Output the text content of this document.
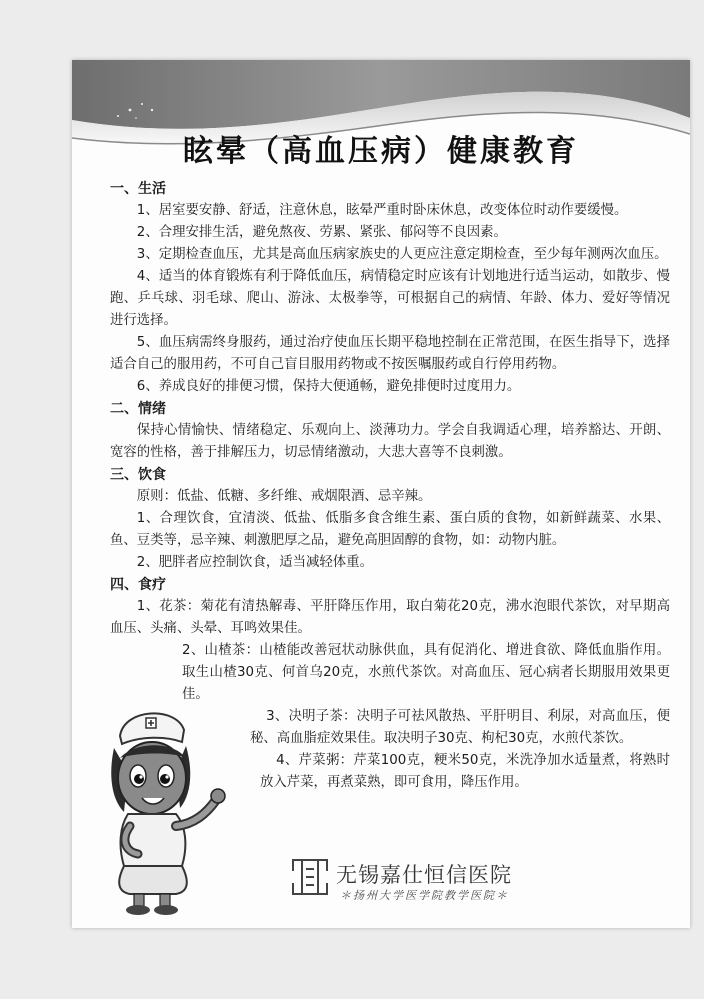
眩晕（高血压病）健康教育
一、生活

1、居室要安静、舒适，注意休息，眩晕严重时卧床休息，改变体位时动作要缓慢。

2、合理安排生活，避免熬夜、劳累、紧张、郁闷等不良因素。

3、定期检查血压，尤其是高血压病家族史的人更应注意定期检查，至少每年测两次血压。

4、适当的体育锻炼有利于降低血压，病情稳定时应该有计划地进行适当运动，如散步、慢跑、乒乓球、羽毛球、爬山、游泳、太极拳等，可根据自己的病情、年龄、体力、爱好等情况进行选择。

5、血压病需终身服药，通过治疗使血压长期平稳地控制在正常范围，在医生指导下，选择适合自己的服用药，不可自己盲目服用药物或不按医嘱服药或自行停用药物。

6、养成良好的排便习惯，保持大便通畅，避免排便时过度用力。

二、情绪

保持心情愉快、情绪稳定、乐观向上、淡薄功力。学会自我调适心理，培养豁达、开朗、宽容的性格，善于排解压力，切忌情绪激动，大悲大喜等不良刺激。

三、饮食

原则：低盐、低糖、多纤维、戒烟限酒、忌辛辣。

1、合理饮食，宜清淡、低盐、低脂多食含维生素、蛋白质的食物，如新鲜蔬菜、水果、鱼、豆类等，忌辛辣、刺激肥厚之品，避免高胆固醇的食物，如：动物内脏。

2、肥胖者应控制饮食，适当减轻体重。

四、食疗

1、花茶：菊花有清热解毒、平肝降压作用，取白菊花20克，沸水泡眼代茶饮，对早期高血压、头痛、头晕、耳鸣效果佳。

2、山楂茶：山楂能改善冠状动脉供血，具有促消化、增进食欲、降低血脂作用。取生山楂30克、何首乌20克，水煎代茶饮。对高血压、冠心病者长期服用效果更佳。

3、决明子茶：决明子可祛风散热、平肝明目、利尿，对高血压，便秘、高血脂症效果佳。取决明子30克、枸杞30克，水煎代茶饮。

4、芹菜粥：芹菜100克，粳米50克，米洗净加水适量煮，将熟时放入芹菜，再煮菜熟，即可食用，降压作用。

无锡嘉仕恒信医院
＊扬州大学医学院教学医院＊
